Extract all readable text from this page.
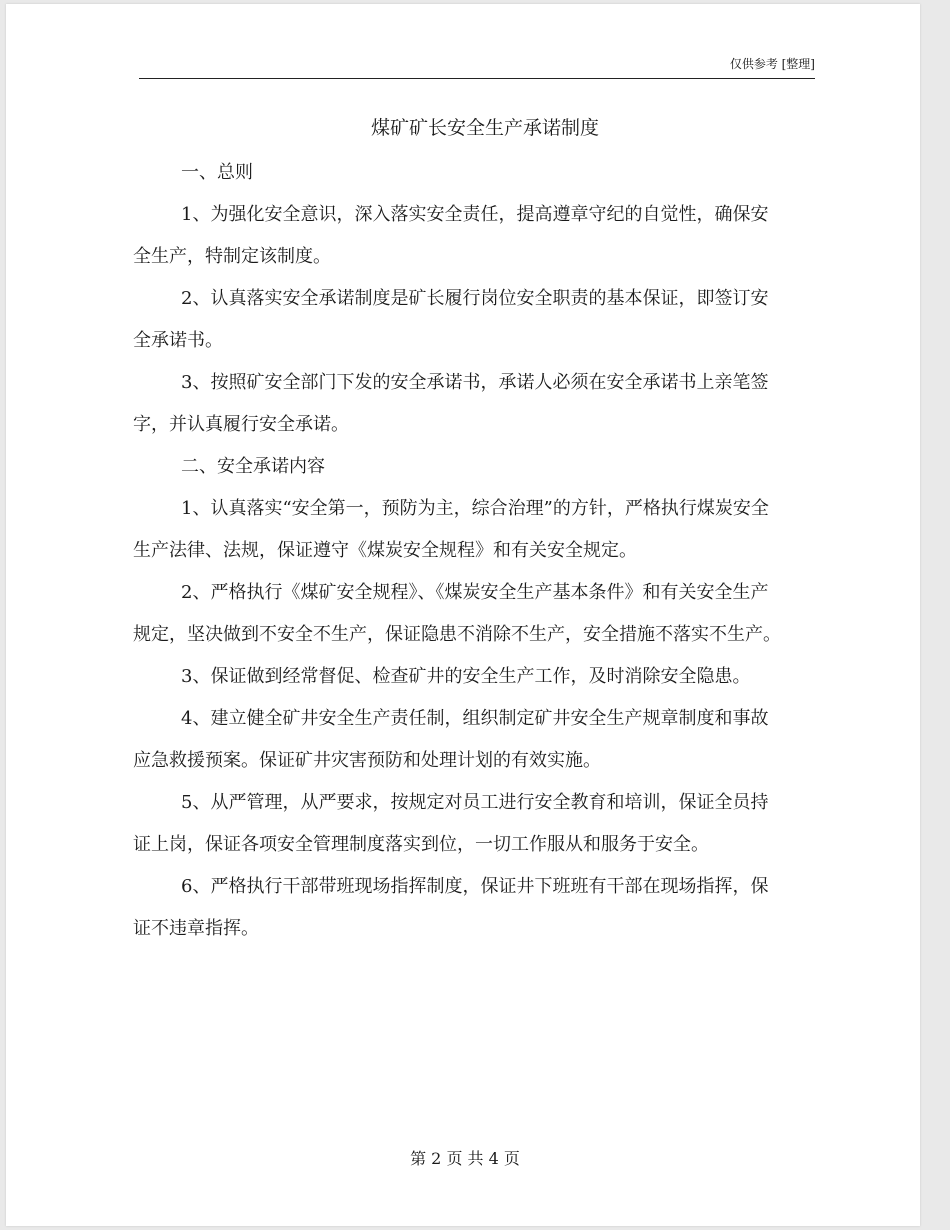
仅供参考 [整理]
煤矿矿长安全生产承诺制度

一、总则

1、为强化安全意识，深入落实安全责任，提高遵章守纪的自觉性，确保安全生产，特制定该制度。

2、认真落实安全承诺制度是矿长履行岗位安全职责的基本保证，即签订安全承诺书。

3、按照矿安全部门下发的安全承诺书，承诺人必须在安全承诺书上亲笔签字，并认真履行安全承诺。

二、安全承诺内容

1、认真落实“安全第一，预防为主，综合治理”的方针，严格执行煤炭安全生产法律、法规，保证遵守《煤炭安全规程》和有关安全规定。

2、严格执行《煤矿安全规程》、《煤炭安全生产基本条件》和有关安全生产规定，坚决做到不安全不生产，保证隐患不消除不生产，安全措施不落实不生产。

3、保证做到经常督促、检查矿井的安全生产工作，及时消除安全隐患。

4、建立健全矿井安全生产责任制，组织制定矿井安全生产规章制度和事故应急救援预案。保证矿井灾害预防和处理计划的有效实施。

5、从严管理，从严要求，按规定对员工进行安全教育和培训，保证全员持证上岗，保证各项安全管理制度落实到位，一切工作服从和服务于安全。

6、严格执行干部带班现场指挥制度，保证井下班班有干部在现场指挥，保证不违章指挥。

第 2 页 共 4 页
